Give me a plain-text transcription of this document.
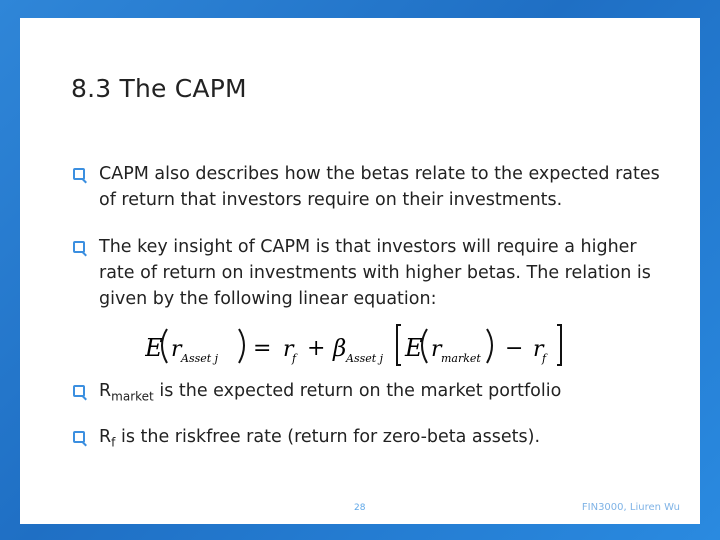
8.3 The CAPM
CAPM also describes how the betas relate to the expected rates of return that investors require on their investments.
The key insight of CAPM is that investors will require a higher rate of return on investments with higher betas. The relation is given by the following linear equation:
E r Asset j = r
f + β Asset j E r market − r
f
$R_{market}$ is the expected return on the market portfolio
$R_f$ is the riskfree rate (return for zero-beta assets).
28	FIN3000, Liuren Wu
